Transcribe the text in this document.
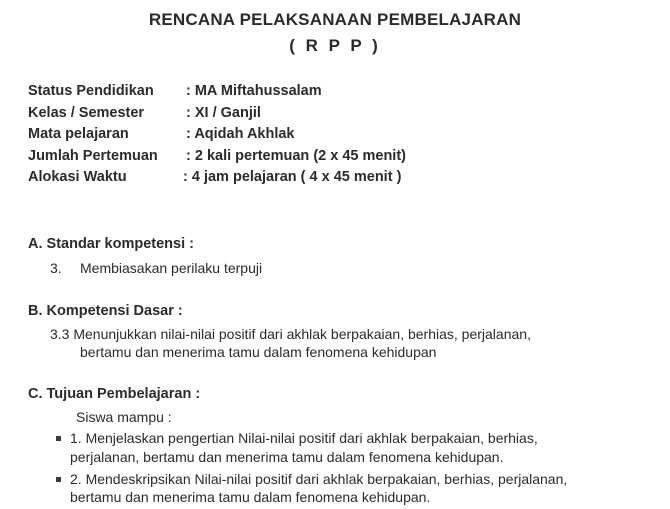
RENCANA PELAKSANAAN PEMBELAJARAN
( R P P )
Status Pendidikan : MA Miftahussalam
Kelas / Semester	: XI / Ganjil
Mata pelajaran	: Aqidah Akhlak
Jumlah Pertemuan : 2 kali pertemuan (2 x 45 menit)
Alokasi Waktu	: 4 jam pelajaran ( 4 x 45 menit )
A. Standar kompetensi :
3. Membiasakan perilaku terpuji
B. Kompetensi Dasar :
3.3 Menunjukkan nilai-nilai positif dari akhlak berpakaian, berhias, perjalanan,
bertamu dan menerima tamu dalam fenomena kehidupan
C. Tujuan Pembelajaran :
Siswa mampu :
1. Menjelaskan pengertian Nilai-nilai positif dari akhlak berpakaian, berhias,
perjalanan, bertamu dan menerima tamu dalam fenomena kehidupan.
2. Mendeskripsikan Nilai-nilai positif dari akhlak berpakaian, berhias, perjalanan,
bertamu dan menerima tamu dalam fenomena kehidupan.
